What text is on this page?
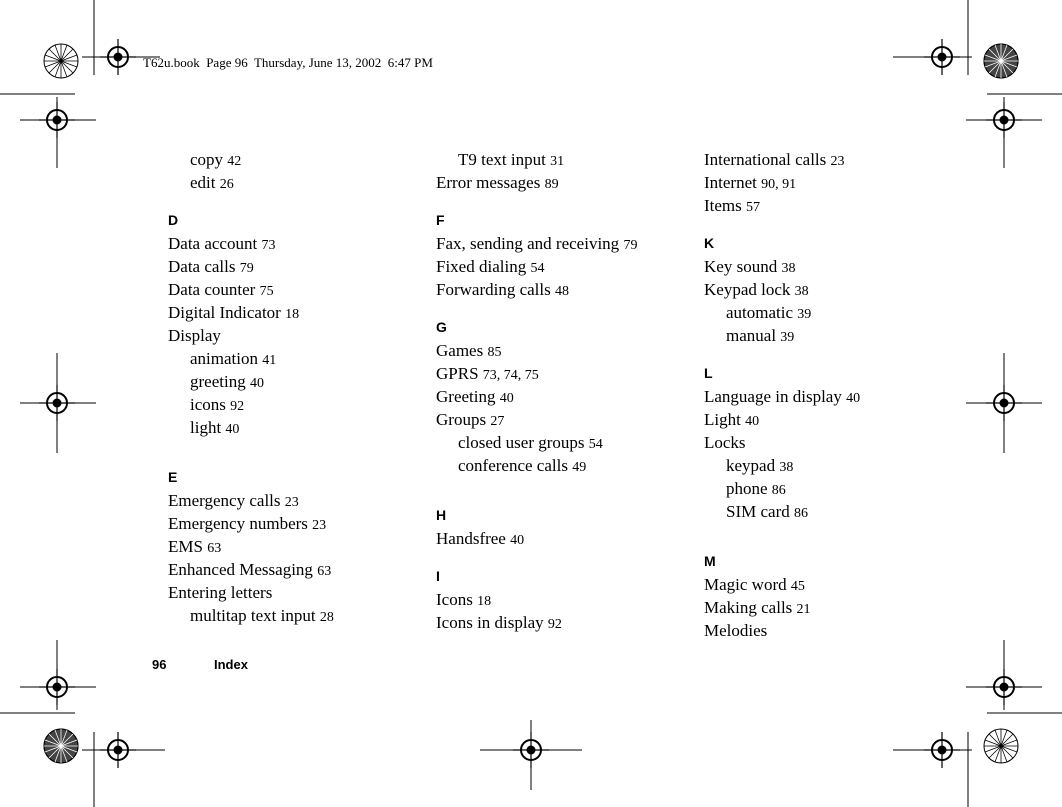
T62u.book  Page 96  Thursday, June 13, 2002  6:47 PM
copy 42
edit 26
D
Data account 73
Data calls 79
Data counter 75
Digital Indicator 18
Display
animation 41
greeting 40
icons 92
light 40
E
Emergency calls 23
Emergency numbers 23
EMS 63
Enhanced Messaging 63
Entering letters
multitap text input 28
T9 text input 31
Error messages 89
F
Fax, sending and receiving 79
Fixed dialing 54
Forwarding calls 48
G
Games 85
GPRS 73, 74, 75
Greeting 40
Groups 27
closed user groups 54
conference calls 49
H
Handsfree 40
I
Icons 18
Icons in display 92
International calls 23
Internet 90, 91
Items 57
K
Key sound 38
Keypad lock 38
automatic 39
manual 39
L
Language in display 40
Light 40
Locks
keypad 38
phone 86
SIM card 86
M
Magic word 45
Making calls 21
Melodies
96	Index
